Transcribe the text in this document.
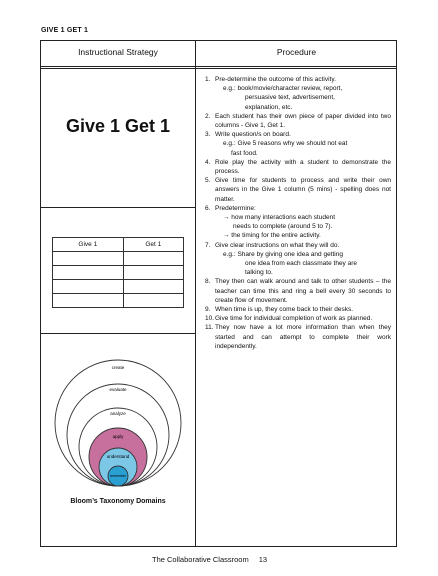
GIVE 1 GET 1
Instructional Strategy	Procedure
Give 1 Get 1
Give 1	Get 1

create
evaluate
analyze
apply
understand
remember
Bloom’s Taxonomy Domains
1. Pre-determine the outcome of this activity.
e.g.: book/movie/character review, report,
persuasive text, advertisement,
explanation, etc.
2. Each student has their own piece of paper divided into two columns - Give 1, Get 1.
3. Write question/s on board.
e.g.: Give 5 reasons why we should not eat
fast food.
4. Role play the activity with a student to demonstrate the process.
5. Give time for students to process and write their own answers in the Give 1 column (5 mins) - spelling does not matter.
6. Predetermine:
→ how many interactions each student
needs to complete (around 5 to 7).
→ the timing for the entire activity.
7. Give clear instructions on what they will do.
e.g.: Share by giving one idea and getting
one idea from each classmate they are
talking to.
8. They then can walk around and talk to other students – the teacher can time this and ring a bell every 30 seconds to create flow of movement.
9. When time is up, they come back to their desks.
10. Give time for individual completion of work as planned.
11. They now have a lot more information than when they started and can attempt to complete their work independently.
The Collaborative Classroom 13
